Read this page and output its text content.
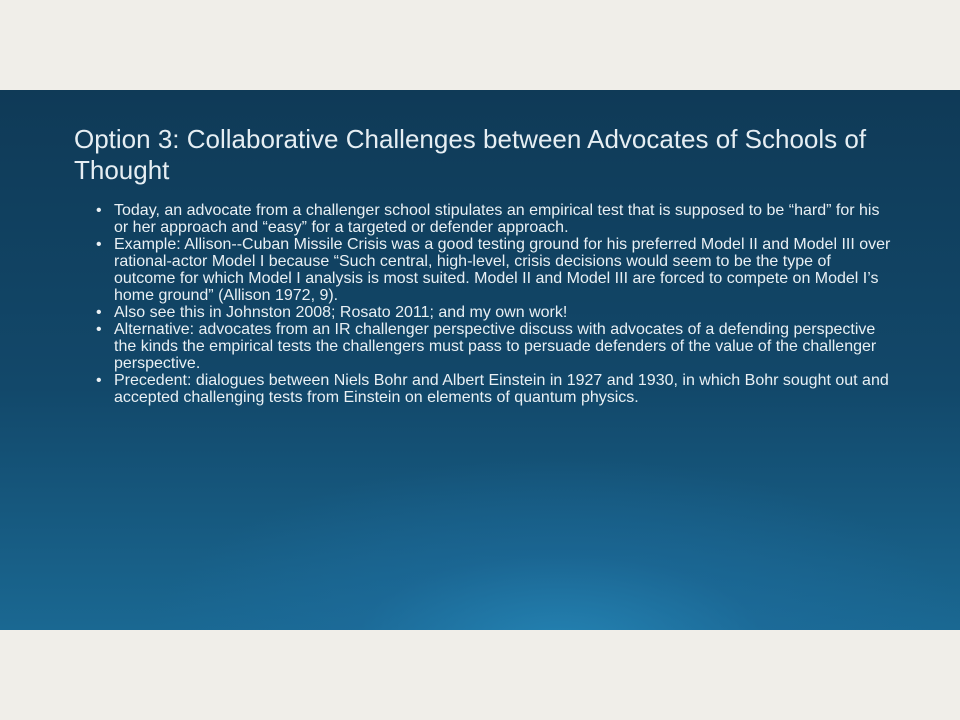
Option 3: Collaborative Challenges between Advocates of Schools of Thought
• Today, an advocate from a challenger school stipulates an empirical test that is supposed to be “hard” for his or her approach and “easy” for a targeted or defender approach.
• Example: Allison--Cuban Missile Crisis was a good testing ground for his preferred Model II and Model III over rational-actor Model I because “Such central, high-level, crisis decisions would seem to be the type of outcome for which Model I analysis is most suited. Model II and Model III are forced to compete on Model I’s home ground” (Allison 1972, 9).
• Also see this in Johnston 2008; Rosato 2011; and my own work!
• Alternative: advocates from an IR challenger perspective discuss with advocates of a defending perspective the kinds the empirical tests the challengers must pass to persuade defenders of the value of the challenger perspective.
• Precedent: dialogues between Niels Bohr and Albert Einstein in 1927 and 1930, in which Bohr sought out and accepted challenging tests from Einstein on elements of quantum physics.
